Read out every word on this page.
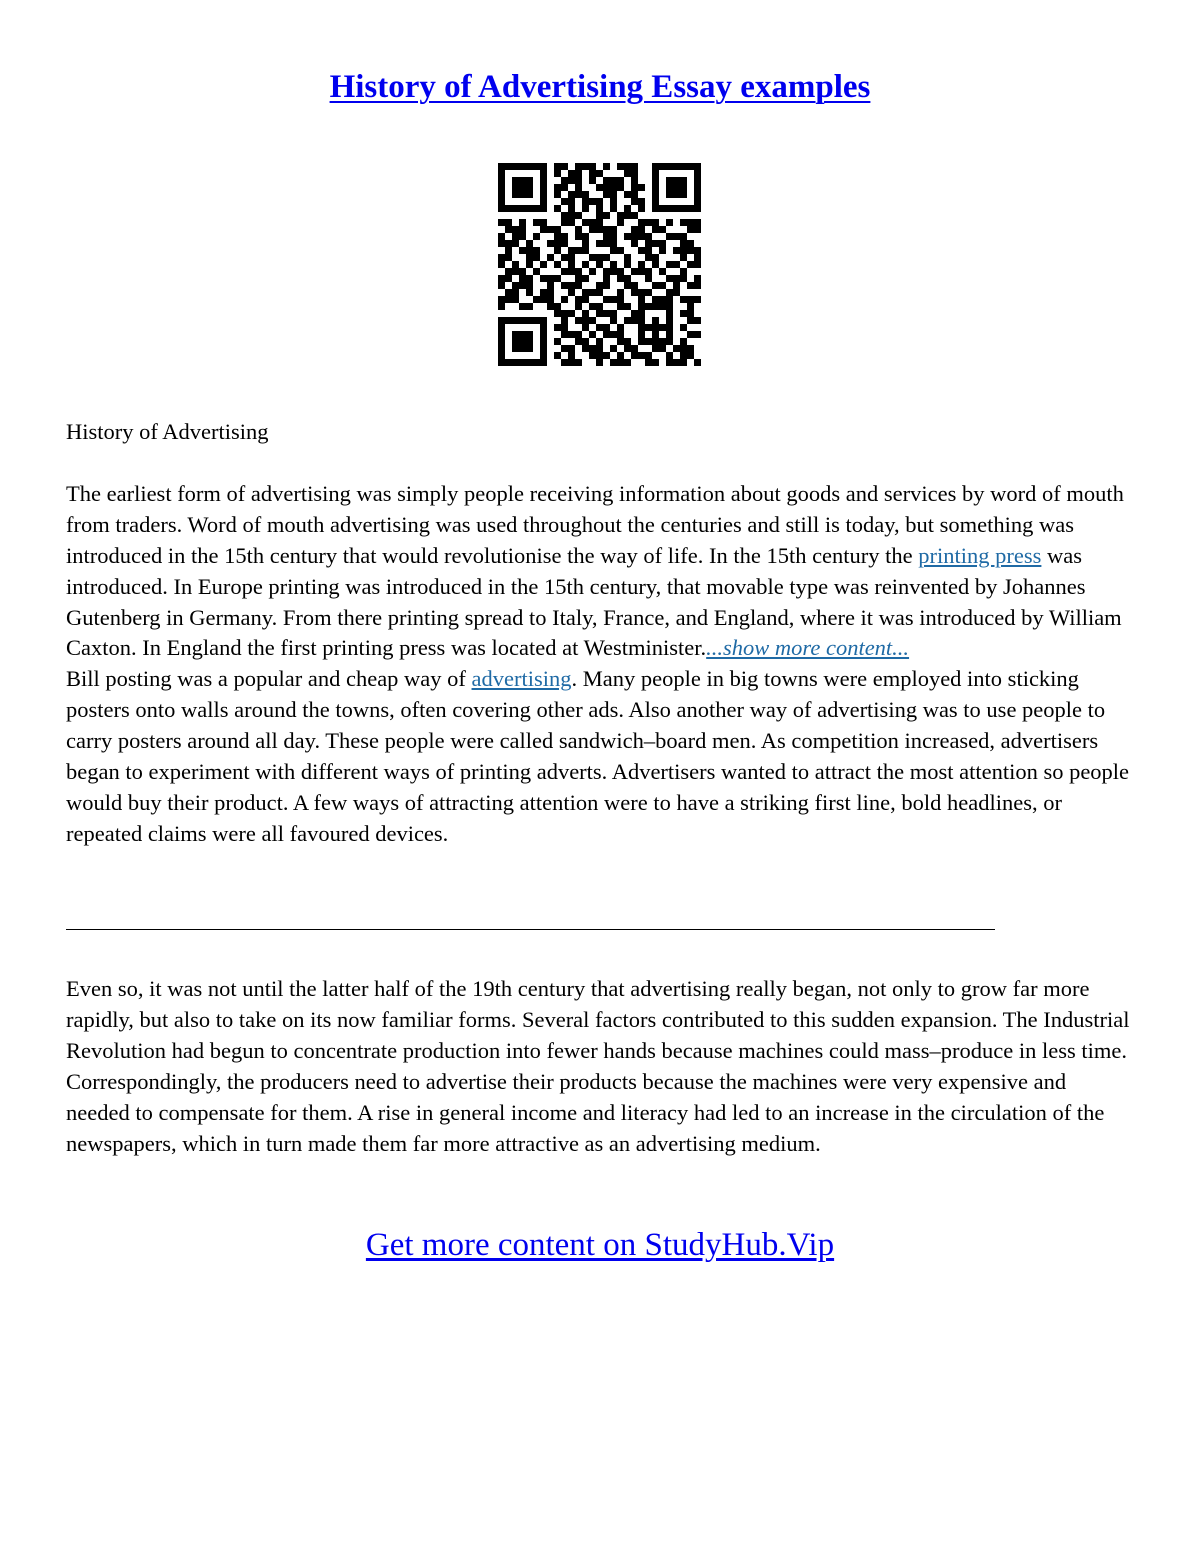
History of Advertising Essay examples

History of Advertising

The earliest form of advertising was simply people receiving information about goods and services by word of mouth from traders. Word of mouth advertising was used throughout the centuries and still is today, but something was introduced in the 15th century that would revolutionise the way of life. In the 15th century the printing press was introduced. In Europe printing was introduced in the 15th century, that movable type was reinvented by Johannes Gutenberg in Germany. From there printing spread to Italy, France, and England, where it was introduced by William Caxton. In England the first printing press was located at Westminister....show more content...

Bill posting was a popular and cheap way of advertising. Many people in big towns were employed into sticking posters onto walls around the towns, often covering other ads. Also another way of advertising was to use people to carry posters around all day. These people were called sandwich–board men. As competition increased, advertisers began to experiment with different ways of printing adverts. Advertisers wanted to attract the most attention so people would buy their product. A few ways of attracting attention were to have a striking first line, bold headlines, or repeated claims were all favoured devices.

Even so, it was not until the latter half of the 19th century that advertising really began, not only to grow far more rapidly, but also to take on its now familiar forms. Several factors contributed to this sudden expansion. The Industrial Revolution had begun to concentrate production into fewer hands because machines could mass–produce in less time. Correspondingly, the producers need to advertise their products because the machines were very expensive and needed to compensate for them. A rise in general income and literacy had led to an increase in the circulation of the newspapers, which in turn made them far more attractive as an advertising medium.

Get more content on StudyHub.Vip
